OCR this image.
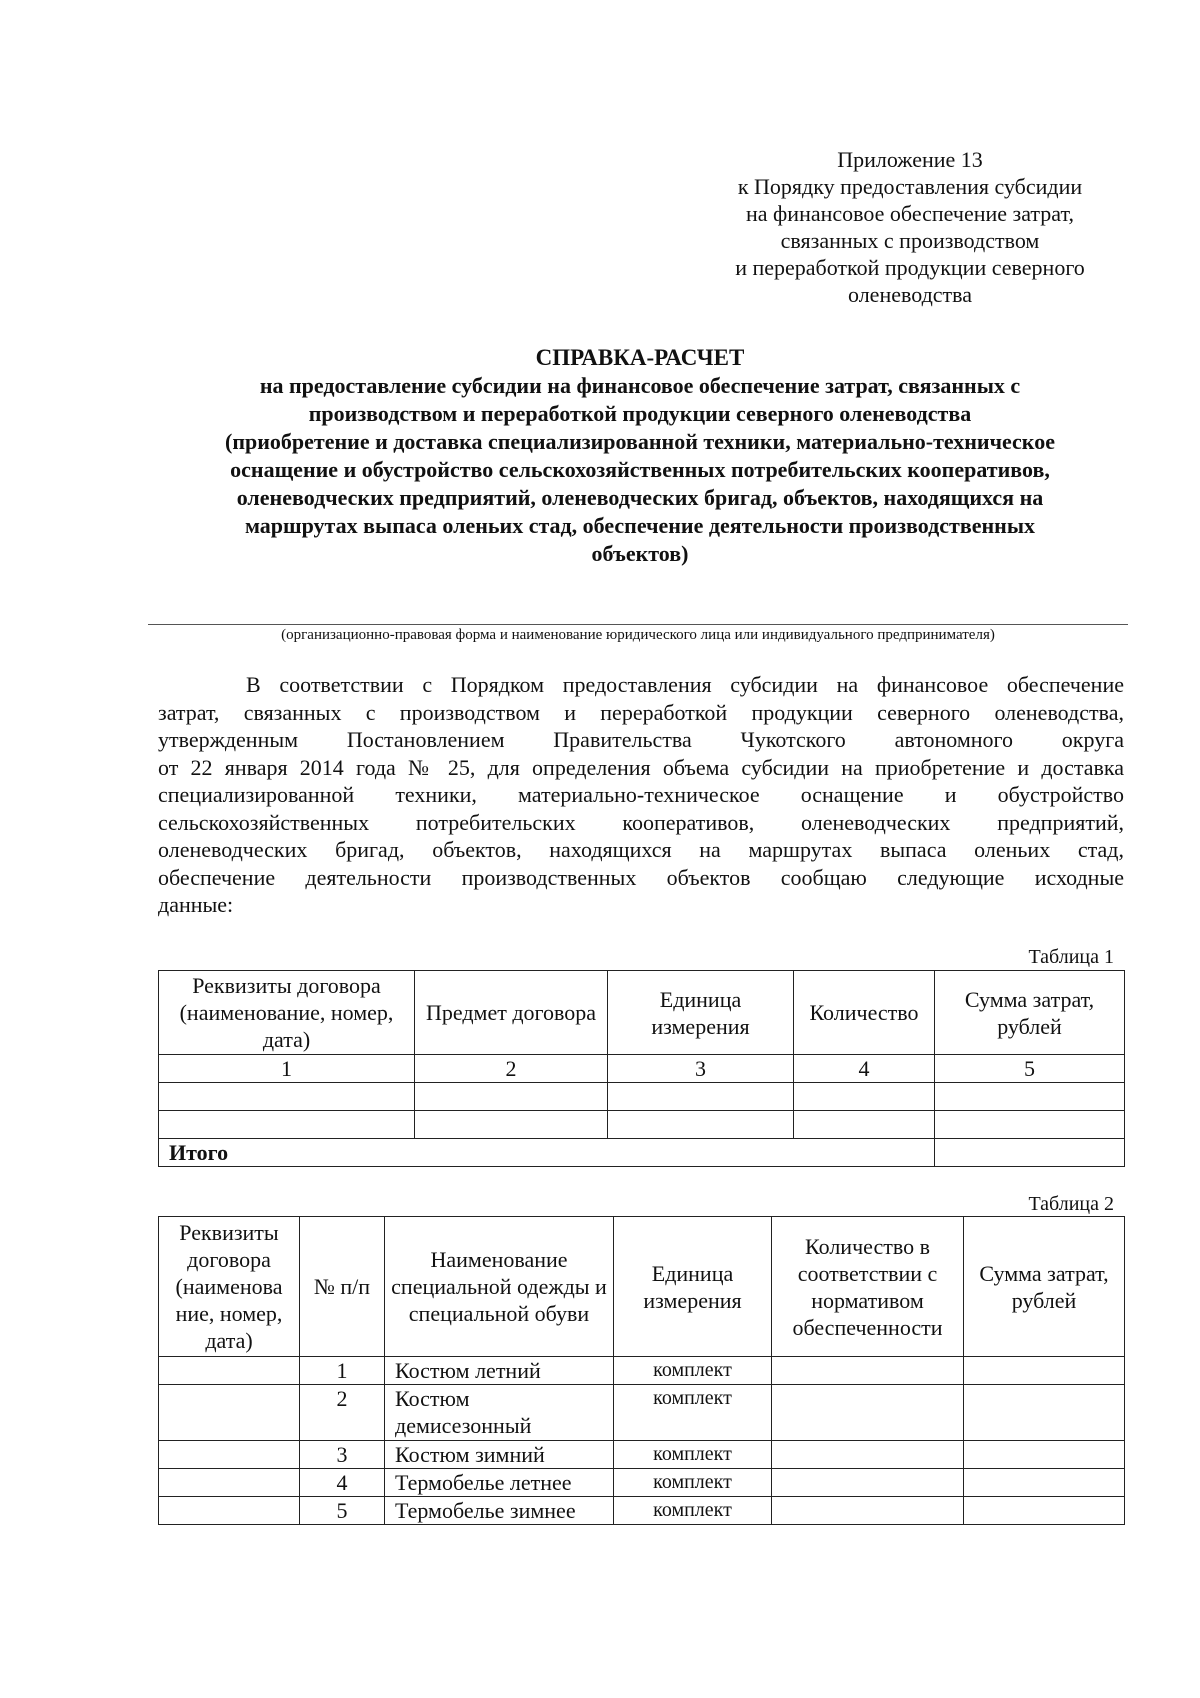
Приложение 13
к Порядку предоставления субсидии
на финансовое обеспечение затрат,
связанных с производством
и переработкой продукции северного
оленеводства
СПРАВКА-РАСЧЕТ
на предоставление субсидии на финансовое обеспечение затрат, связанных с
производством и переработкой продукции северного оленеводства
(приобретение и доставка специализированной техники, материально-техническое
оснащение и обустройство сельскохозяйственных потребительских кооперативов,
оленеводческих предприятий, оленеводческих бригад, объектов, находящихся на
маршрутах выпаса оленьих стад, обеспечение деятельности производственных
объектов)
(организационно-правовая форма и наименование юридического лица или индивидуального предпринимателя)
В соответствии с Порядком предоставления субсидии на финансовое обеспечение
затрат, связанных с производством и переработкой продукции северного оленеводства,
утвержденным Постановлением Правительства Чукотского автономного округа
от 22 января 2014 года № 25, для определения объема субсидии на приобретение и доставка
специализированной техники, материально-техническое оснащение и обустройство
сельскохозяйственных потребительских кооперативов, оленеводческих предприятий,
оленеводческих бригад, объектов, находящихся на маршрутах выпаса оленьих стад,
обеспечение деятельности производственных объектов сообщаю следующие исходные
данные:
Таблица 1
Реквизиты договора (наименование, номер, дата)	Предмет договора	Единица измерения	Количество	Сумма затрат, рублей
1	2	3	4	5

Итого				
Таблица 2
Реквизиты договора (наименова ние, номер, дата)	№ п/п	Наименование специальной одежды и специальной обуви	Единица измерения	Количество в соответствии с нормативом обеспеченности	Сумма затрат, рублей
	1	Костюм летний	комплект		
	2	Костюм демисезонный	комплект		
	3	Костюм зимний	комплект		
	4	Термобелье летнее	комплект		
	5	Термобелье зимнее	комплект		
